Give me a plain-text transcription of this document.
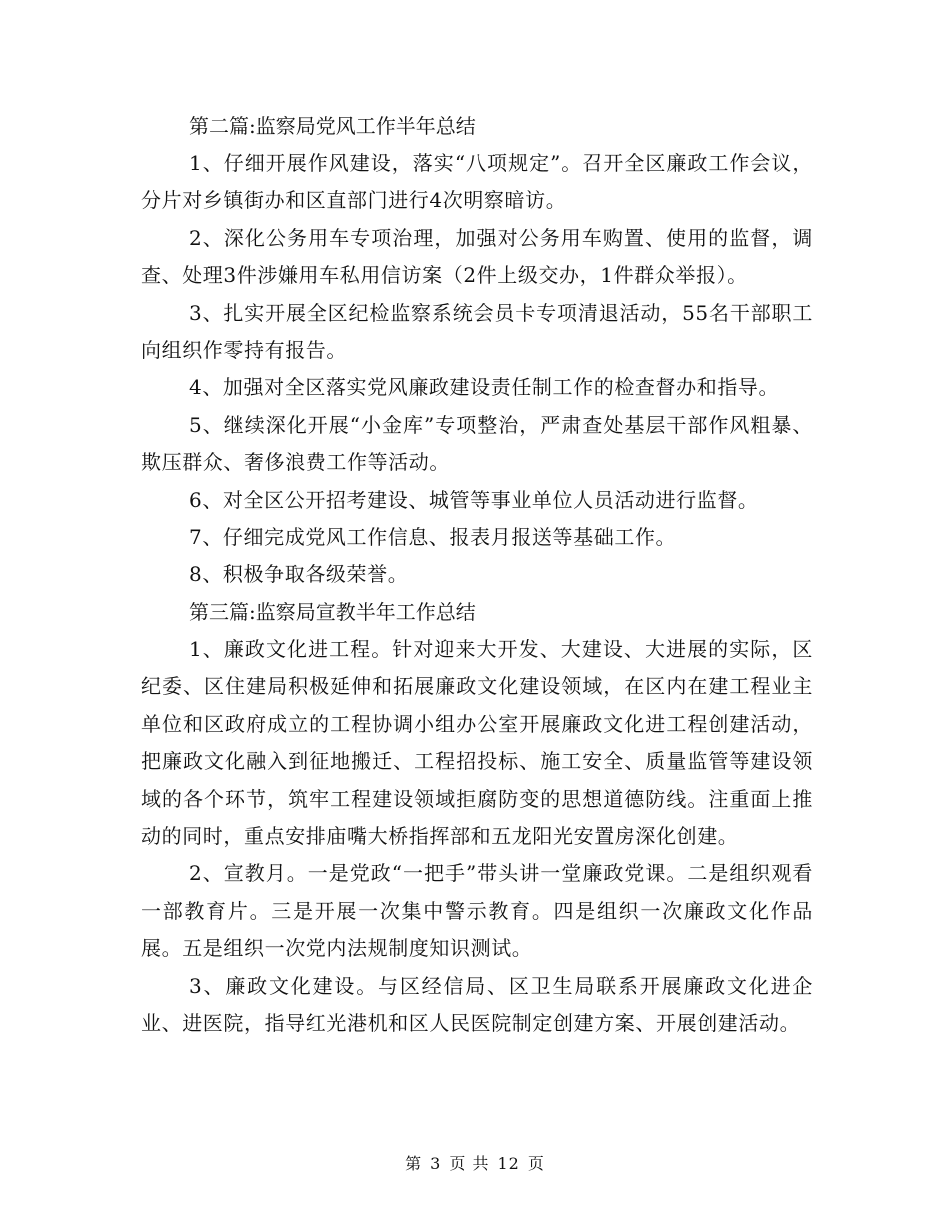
第二篇:监察局党风工作半年总结

1、仔细开展作风建设，落实“八项规定”。召开全区廉政工作会议，分片对乡镇街办和区直部门进行4次明察暗访。

2、深化公务用车专项治理，加强对公务用车购置、使用的监督，调查、处理3件涉嫌用车私用信访案（2件上级交办，1件群众举报）。

3、扎实开展全区纪检监察系统会员卡专项清退活动，55名干部职工向组织作零持有报告。

4、加强对全区落实党风廉政建设责任制工作的检查督办和指导。

5、继续深化开展“小金库”专项整治，严肃查处基层干部作风粗暴、欺压群众、奢侈浪费工作等活动。

6、对全区公开招考建设、城管等事业单位人员活动进行监督。

7、仔细完成党风工作信息、报表月报送等基础工作。

8、积极争取各级荣誉。

第三篇:监察局宣教半年工作总结

1、廉政文化进工程。针对迎来大开发、大建设、大进展的实际，区纪委、区住建局积极延伸和拓展廉政文化建设领域，在区内在建工程业主单位和区政府成立的工程协调小组办公室开展廉政文化进工程创建活动，把廉政文化融入到征地搬迁、工程招投标、施工安全、质量监管等建设领域的各个环节，筑牢工程建设领域拒腐防变的思想道德防线。注重面上推动的同时，重点安排庙嘴大桥指挥部和五龙阳光安置房深化创建。

2、宣教月。一是党政“一把手”带头讲一堂廉政党课。二是组织观看一部教育片。三是开展一次集中警示教育。四是组织一次廉政文化作品展。五是组织一次党内法规制度知识测试。

3、廉政文化建设。与区经信局、区卫生局联系开展廉政文化进企业、进医院，指导红光港机和区人民医院制定创建方案、开展创建活动。

第 3 页 共 12 页
